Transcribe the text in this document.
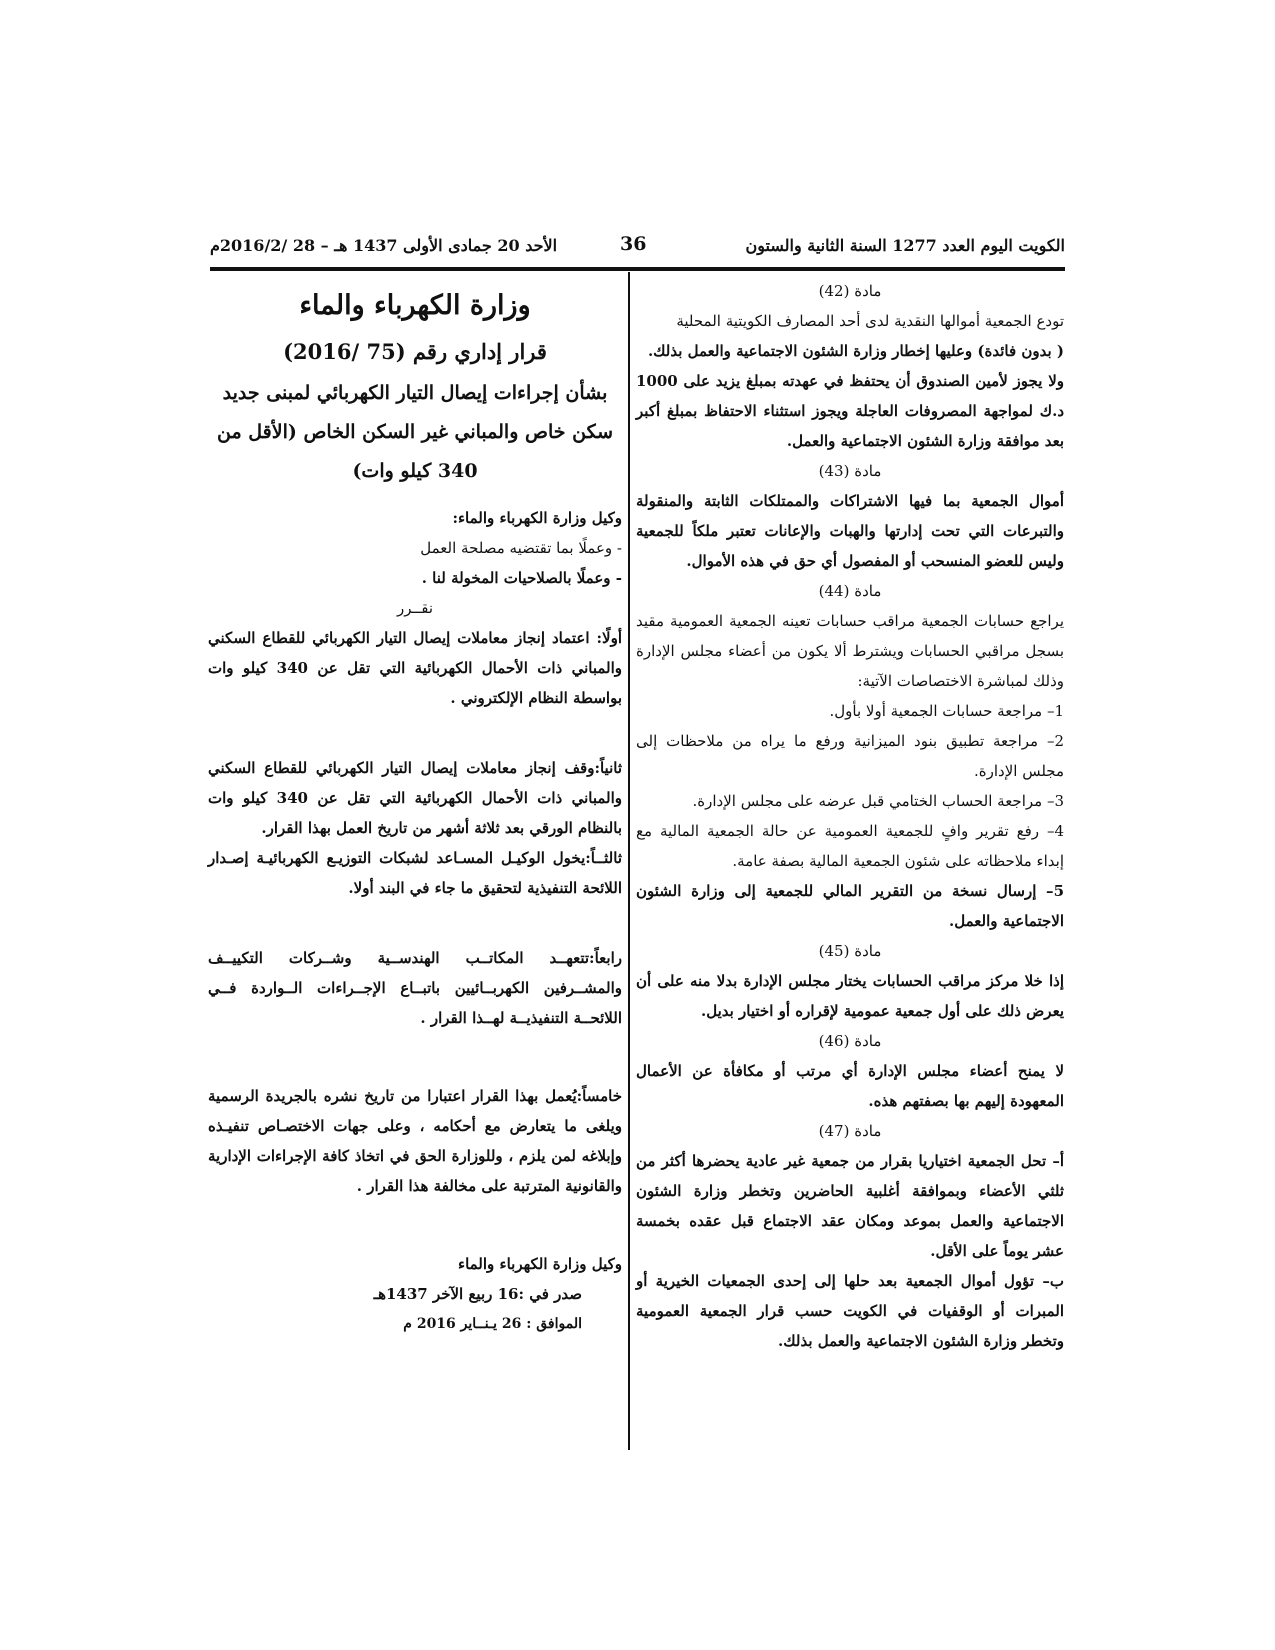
الكويت اليوم العدد 1277 السنة الثانية والستون
36
الأحد 20 جمادى الأولى 1437 هـ – 28 /2016/2م

مادة (42)

تودع الجمعية أموالها النقدية لدى أحد المصارف الكويتية المحلية

( بدون فائدة) وعليها إخطار وزارة الشئون الاجتماعية والعمل بذلك.

ولا يجوز لأمين الصندوق أن يحتفظ في عهدته بمبلغ يزيد على 1000 د.ك لمواجهة المصروفات العاجلة ويجوز استثناء الاحتفاظ بمبلغ أكبر بعد موافقة وزارة الشئون الاجتماعية والعمل.

مادة (43)

أموال الجمعية بما فيها الاشتراكات والممتلكات الثابتة والمنقولة والتبرعات التي تحت إدارتها والهبات والإعانات تعتبر ملكاً للجمعية وليس للعضو المنسحب أو المفصول أي حق في هذه الأموال.

مادة (44)

يراجع حسابات الجمعية مراقب حسابات تعينه الجمعية العمومية مقيد بسجل مراقبي الحسابات ويشترط ألا يكون من أعضاء مجلس الإدارة وذلك لمباشرة الاختصاصات الآتية:

1– مراجعة حسابات الجمعية أولا بأول.

2– مراجعة تطبيق بنود الميزانية ورفع ما يراه من ملاحظات إلى مجلس الإدارة.

3– مراجعة الحساب الختامي قبل عرضه على مجلس الإدارة.

4– رفع تقرير وافٍ للجمعية العمومية عن حالة الجمعية المالية مع إبداء ملاحظاته على شئون الجمعية المالية بصفة عامة.

5– إرسال نسخة من التقرير المالي للجمعية إلى وزارة الشئون الاجتماعية والعمل.

مادة (45)

إذا خلا مركز مراقب الحسابات يختار مجلس الإدارة بدلا منه على أن يعرض ذلك على أول جمعية عمومية لإقراره أو اختيار بديل.

مادة (46)

لا يمنح أعضاء مجلس الإدارة أي مرتب أو مكافأة عن الأعمال المعهودة إليهم بها بصفتهم هذه.

مادة (47)

أ– تحل الجمعية اختياريا بقرار من جمعية غير عادية يحضرها أكثر من ثلثي الأعضاء وبموافقة أغلبية الحاضرين وتخطر وزارة الشئون الاجتماعية والعمل بموعد ومكان عقد الاجتماع قبل عقده بخمسة عشر يوماً على الأقل.

ب– تؤول أموال الجمعية بعد حلها إلى إحدى الجمعيات الخيرية أو المبرات أو الوقفيات في الكويت حسب قرار الجمعية العمومية وتخطر وزارة الشئون الاجتماعية والعمل بذلك.

وزارة الكهرباء والماء

قرار إداري رقم (75 /2016)

بشأن إجراءات إيصال التيار الكهربائي لمبنى جديد سكن خاص والمباني غير السكن الخاص (الأقل من 340 كيلو وات)

وكيل وزارة الكهرباء والماء:

- وعملًا بما تقتضيه مصلحة العمل

- وعملًا بالصلاحيات المخولة لنا .

نقــرر

أولًا: اعتماد إنجاز معاملات إيصال التيار الكهربائي للقطاع السكني والمباني ذات الأحمال الكهربائية التي تقل عن 340 كيلو وات بواسطة النظام الإلكتروني .

ثانياً:وقف إنجاز معاملات إيصال التيار الكهربائي للقطاع السكني والمباني ذات الأحمال الكهربائية التي تقل عن 340 كيلو وات بالنظام الورقي بعد ثلاثة أشهر من تاريخ العمل بهذا القرار.

ثالثــاً:يخول الوكيـل المسـاعد لشبكات التوزيـع الكهربائيـة إصـدار اللائحة التنفيذية لتحقيق ما جاء في البند أولا.

رابعاً:تتعهــد المكاتــب الهندســية وشــركات التكييــف والمشــرفين الكهربــائيين باتبــاع الإجــراءات الــواردة فــي اللائحــة التنفيذيــة لهــذا القرار .

خامساً:يُعمل بهذا القرار اعتبارا من تاريخ نشره بالجريدة الرسمية ويلغى ما يتعارض مع أحكامه ، وعلى جهات الاختصـاص تنفيـذه وإبلاغه لمن يلزم ، وللوزارة الحق في اتخاذ كافة الإجراءات الإدارية والقانونية المترتبة على مخالفة هذا القرار .

وكيل وزارة الكهرباء والماء

صدر في :16 ربيع الآخر 1437هـ

الموافق : 26 يـنــاير 2016 م
